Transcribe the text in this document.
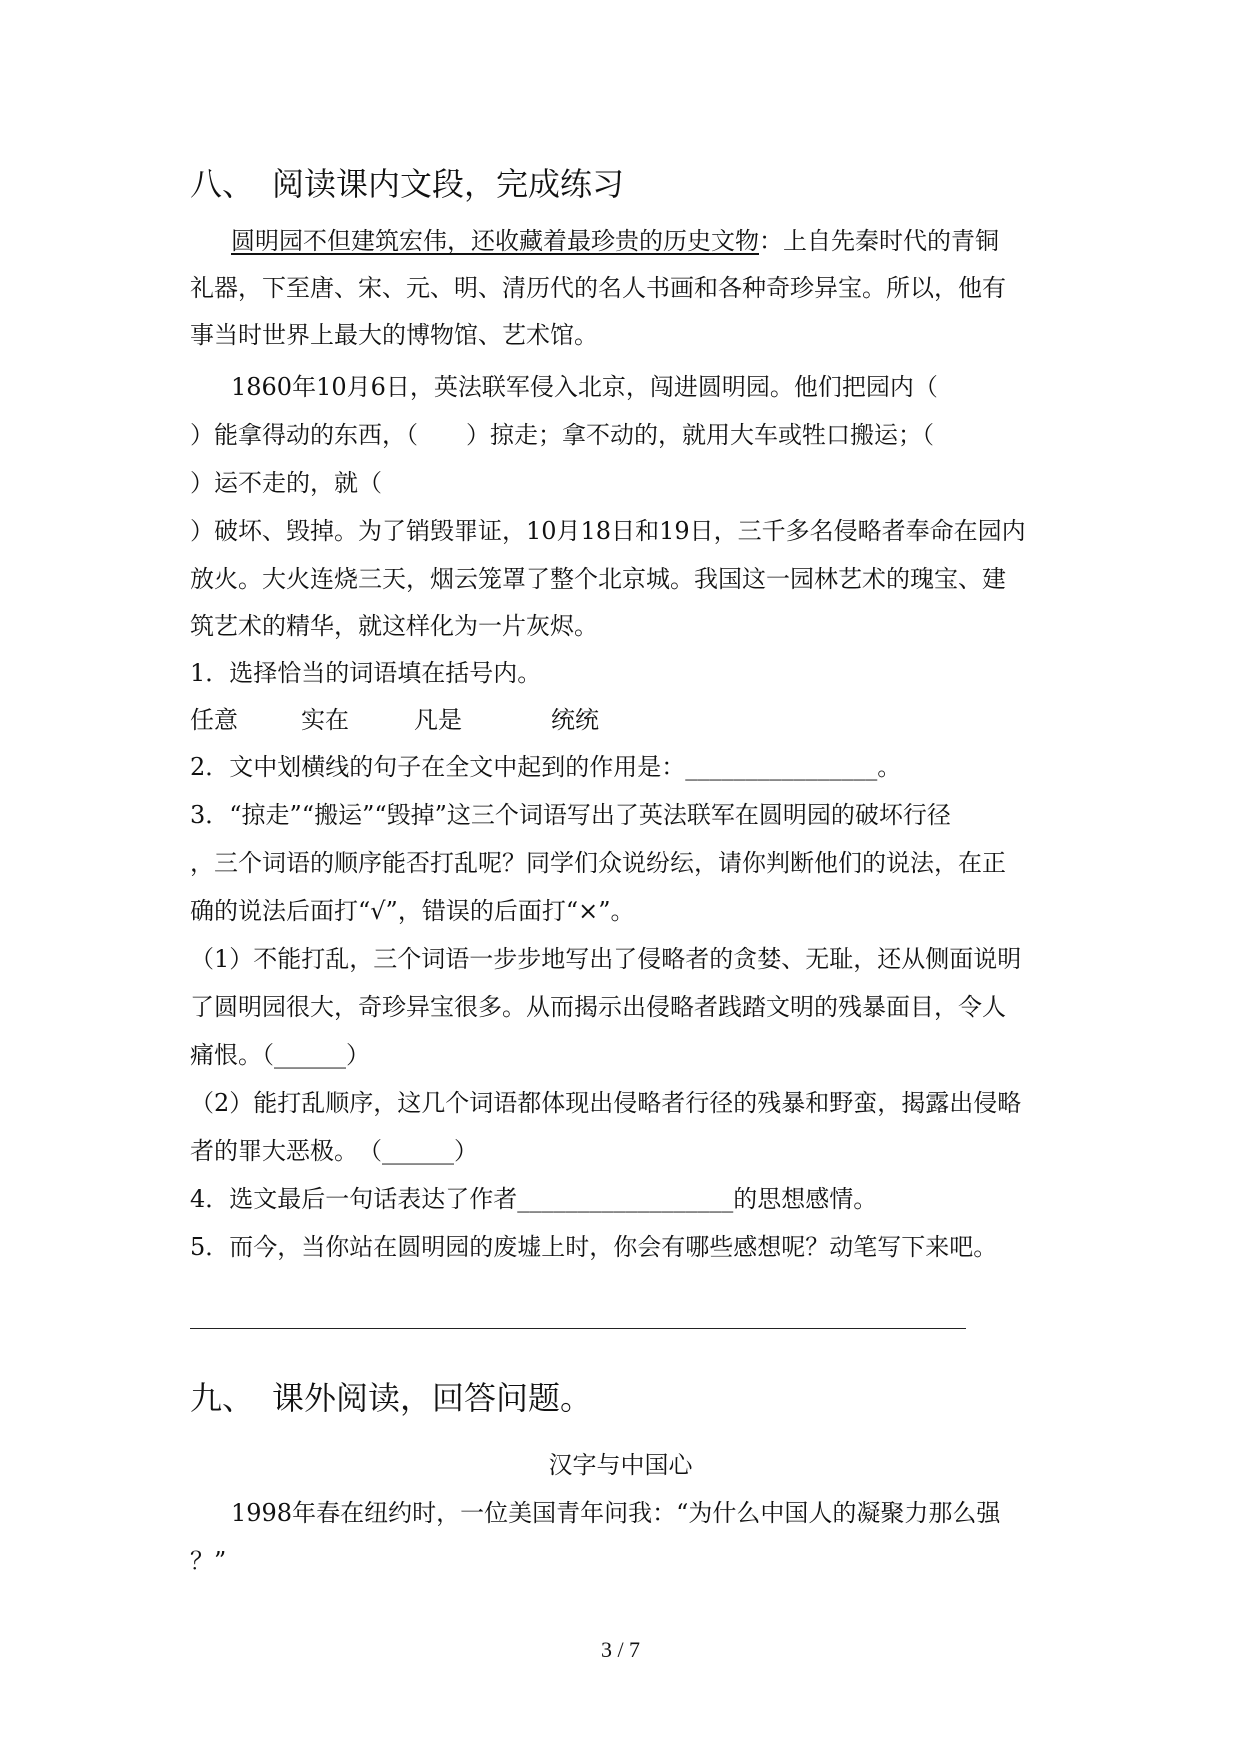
八、 阅读课内文段，完成练习
圆明园不但建筑宏伟，还收藏着最珍贵的历史文物：上自先秦时代的青铜
礼器，下至唐、宋、元、明、清历代的名人书画和各种奇珍异宝。所以，他有
事当时世界上最大的博物馆、艺术馆。
1860年10月6日，英法联军侵入北京，闯进圆明园。他们把园内（
）能拿得动的东西，（　　）掠走；拿不动的，就用大车或牲口搬运；（
）运不走的，就（
）破坏、毁掉。为了销毁罪证，10月18日和19日，三千多名侵略者奉命在园内
放火。大火连烧三天，烟云笼罩了整个北京城。我国这一园林艺术的瑰宝、建
筑艺术的精华，就这样化为一片灰烬。
1．选择恰当的词语填在括号内。
任意	实在	凡是	统统
2．文中划横线的句子在全文中起到的作用是：________________。
3．“掠走”“搬运”“毁掉”这三个词语写出了英法联军在圆明园的破坏行径
，三个词语的顺序能否打乱呢？同学们众说纷纭，请你判断他们的说法，在正
确的说法后面打“√”，错误的后面打“×”。
（1）不能打乱，三个词语一步步地写出了侵略者的贪婪、无耻，还从侧面说明
了圆明园很大，奇珍异宝很多。从而揭示出侵略者践踏文明的残暴面目，令人
痛恨。（______）
（2）能打乱顺序，这几个词语都体现出侵略者行径的残暴和野蛮，揭露出侵略
者的罪大恶极。　（______）
4．选文最后一句话表达了作者__________________的思想感情。
5．而今，当你站在圆明园的废墟上时，你会有哪些感想呢？动笔写下来吧。
九、 课外阅读，回答问题。
汉字与中国心
1998年春在纽约时，一位美国青年问我：“为什么中国人的凝聚力那么强
？”
3 / 7
